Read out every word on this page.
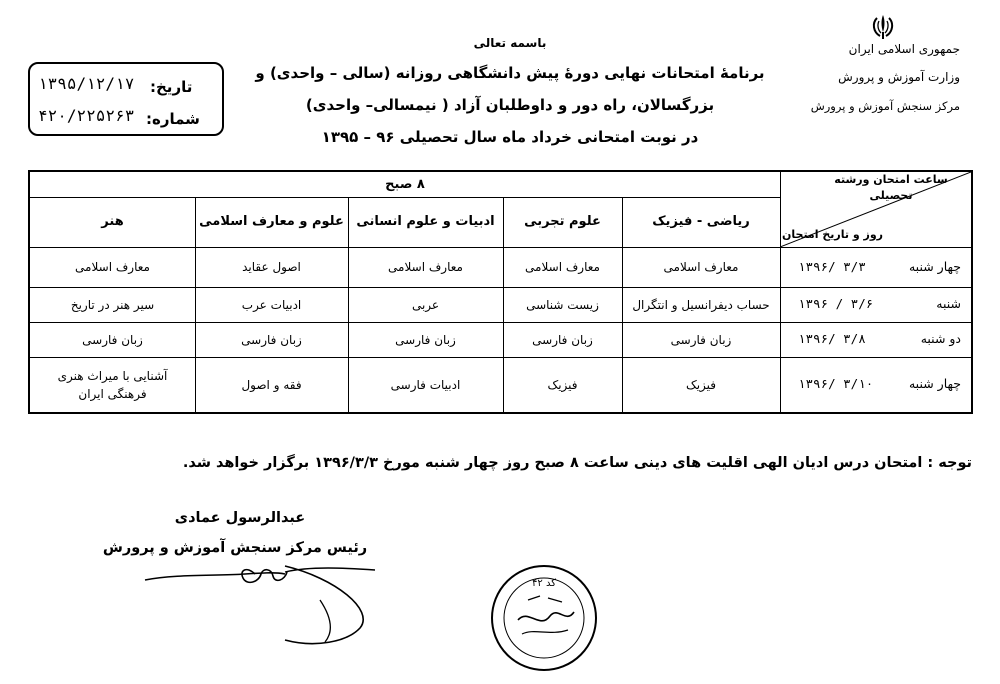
جمهوری اسلامی ایران
وزارت آموزش و پرورش
مرکز سنجش آموزش و پرورش
باسمه تعالی
برنامهٔ امتحانات نهایی دورهٔ پیش دانشگاهی روزانه (سالی – واحدی) و
بزرگسالان، راه دور و داوطلبان آزاد ( نیمسالی– واحدی)
در نوبت امتحانی خرداد ماه سال تحصیلی ۹۶ – ۱۳۹۵
تاریخ:
شماره:
۱۳۹۵/۱۲/۱۷
۴۲۰/۲۲۵۲۶۳
ساعت امتحان ورشته تحصیلی
روز و تاریخ امتحان
۸ صبح
ریاضی - فیزیک
علوم تجربی
ادبیات و علوم انسانی
علوم و معارف اسلامی
هنر
چهار شنبه
۱۳۹۶/ ۳/۳
معارف اسلامی
معارف اسلامی
معارف اسلامی
اصول عقاید
معارف اسلامی
شنبه
۱۳۹۶ / ۳/۶
حساب دیفرانسیل و انتگرال
زیست شناسی
عربی
ادبیات عرب
سیر هنر در تاریخ
دو شنبه
۱۳۹۶/ ۳/۸
زبان فارسی
زبان فارسی
زبان فارسی
زبان فارسی
زبان فارسی
چهار شنبه
۱۳۹۶/ ۳/۱۰
فیزیک
فیزیک
ادبیات فارسی
فقه و اصول
آشنایی با میراث هنری فرهنگی ایران
توجه : امتحان درس ادیان الهی اقلیت های دینی ساعت ۸ صبح روز چهار شنبه مورخ ۱۳۹۶/۳/۳ برگزار خواهد شد.
عبدالرسول عمادی
رئیس مرکز سنجش آموزش و پرورش
کد ۴۲
